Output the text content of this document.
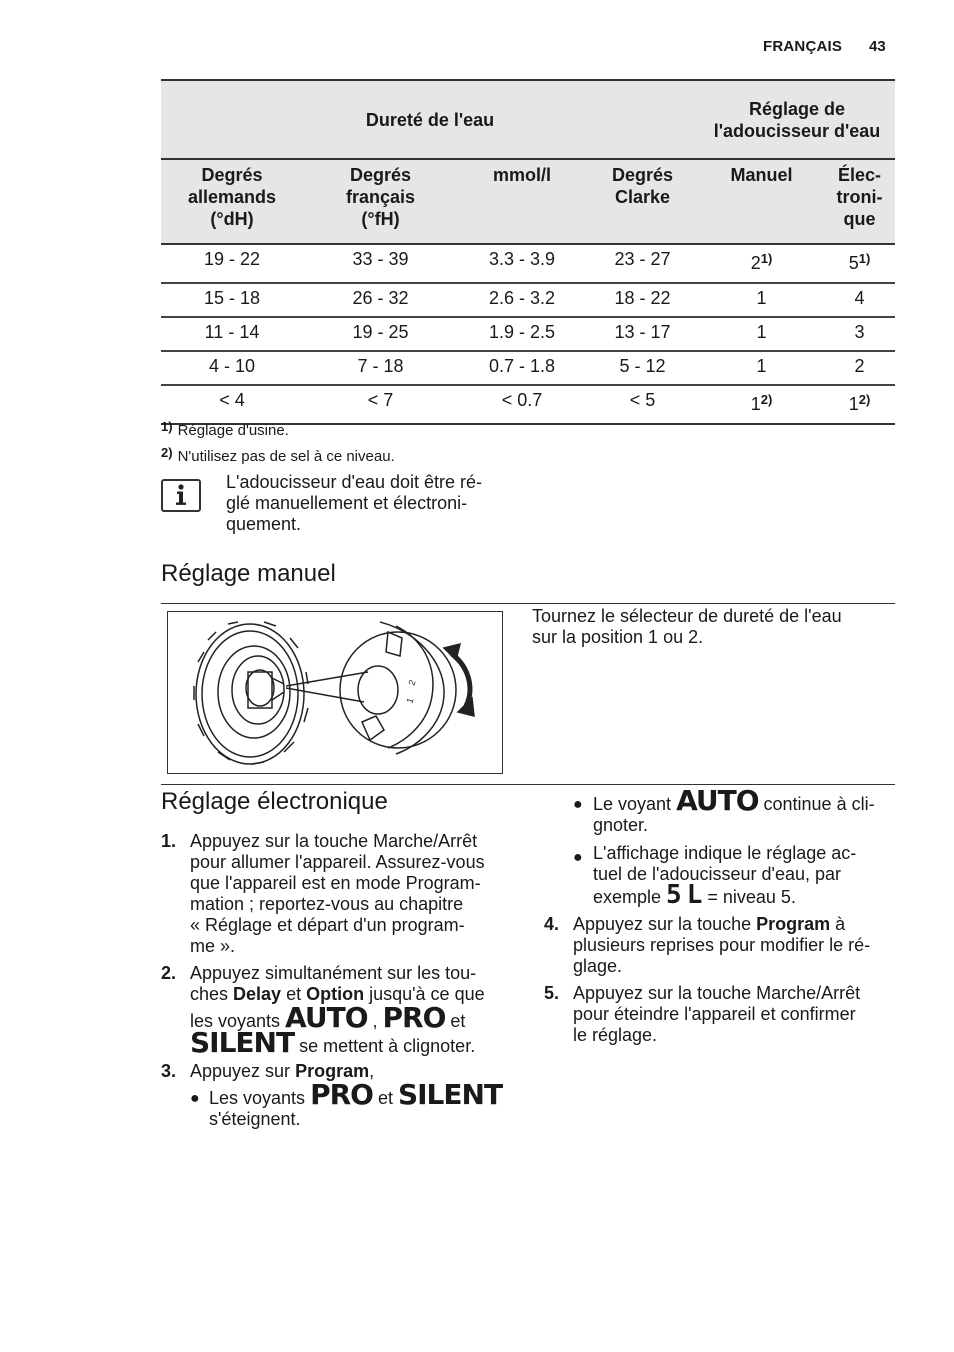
FRANÇAIS 43
Dureté de l'eau				Réglage de l'adoucisseur d'eau	
Degrés
allemands
(°dH)	Degrés
français
(°fH)	mmol/l	Degrés
Clarke	Manuel	Élec-
troni-
que
19 - 22	33 - 39	3.3 - 3.9	23 - 27	2$^{1)}$	5$^{1)}$
15 - 18	26 - 32	2.6 - 3.2	18 - 22	1	4
11 - 14	19 - 25	1.9 - 2.5	13 - 17	1	3
4 - 10	7 - 18	0.7 - 1.8	5 - 12	1	2
< 4	< 7	< 0.7	< 5	1$^{2)}$	1$^{2)}$
1) Réglage d'usine.
2) N'utilisez pas de sel à ce niveau.
L'adoucisseur d'eau doit être ré-
glé manuellement et électroni-
quement.
Réglage manuel
2
1
Tournez le sélecteur de dureté de l'eau
sur la position 1 ou 2.
Réglage électronique
1. Appuyez sur la touche Marche/Arrêt
pour allumer l'appareil. Assurez-vous
que l'appareil est en mode Program-
mation ; reportez-vous au chapitre
« Réglage et départ d'un program-
me ».
2. Appuyez simultanément sur les tou-
ches Delay et Option jusqu'à ce que
les voyants AUTO , PRO et
SILENT se mettent à clignoter.
3. Appuyez sur Program,
● Les voyants PRO et SILENT
s'éteignent.
● Le voyant AUTO continue à cli-
gnoter.
● L'affichage indique le réglage ac-
tuel de l'adoucisseur d'eau, par
exemple 5 L = niveau 5.
4. Appuyez sur la touche Program à
plusieurs reprises pour modifier le ré-
glage.
5. Appuyez sur la touche Marche/Arrêt
pour éteindre l'appareil et confirmer
le réglage.
